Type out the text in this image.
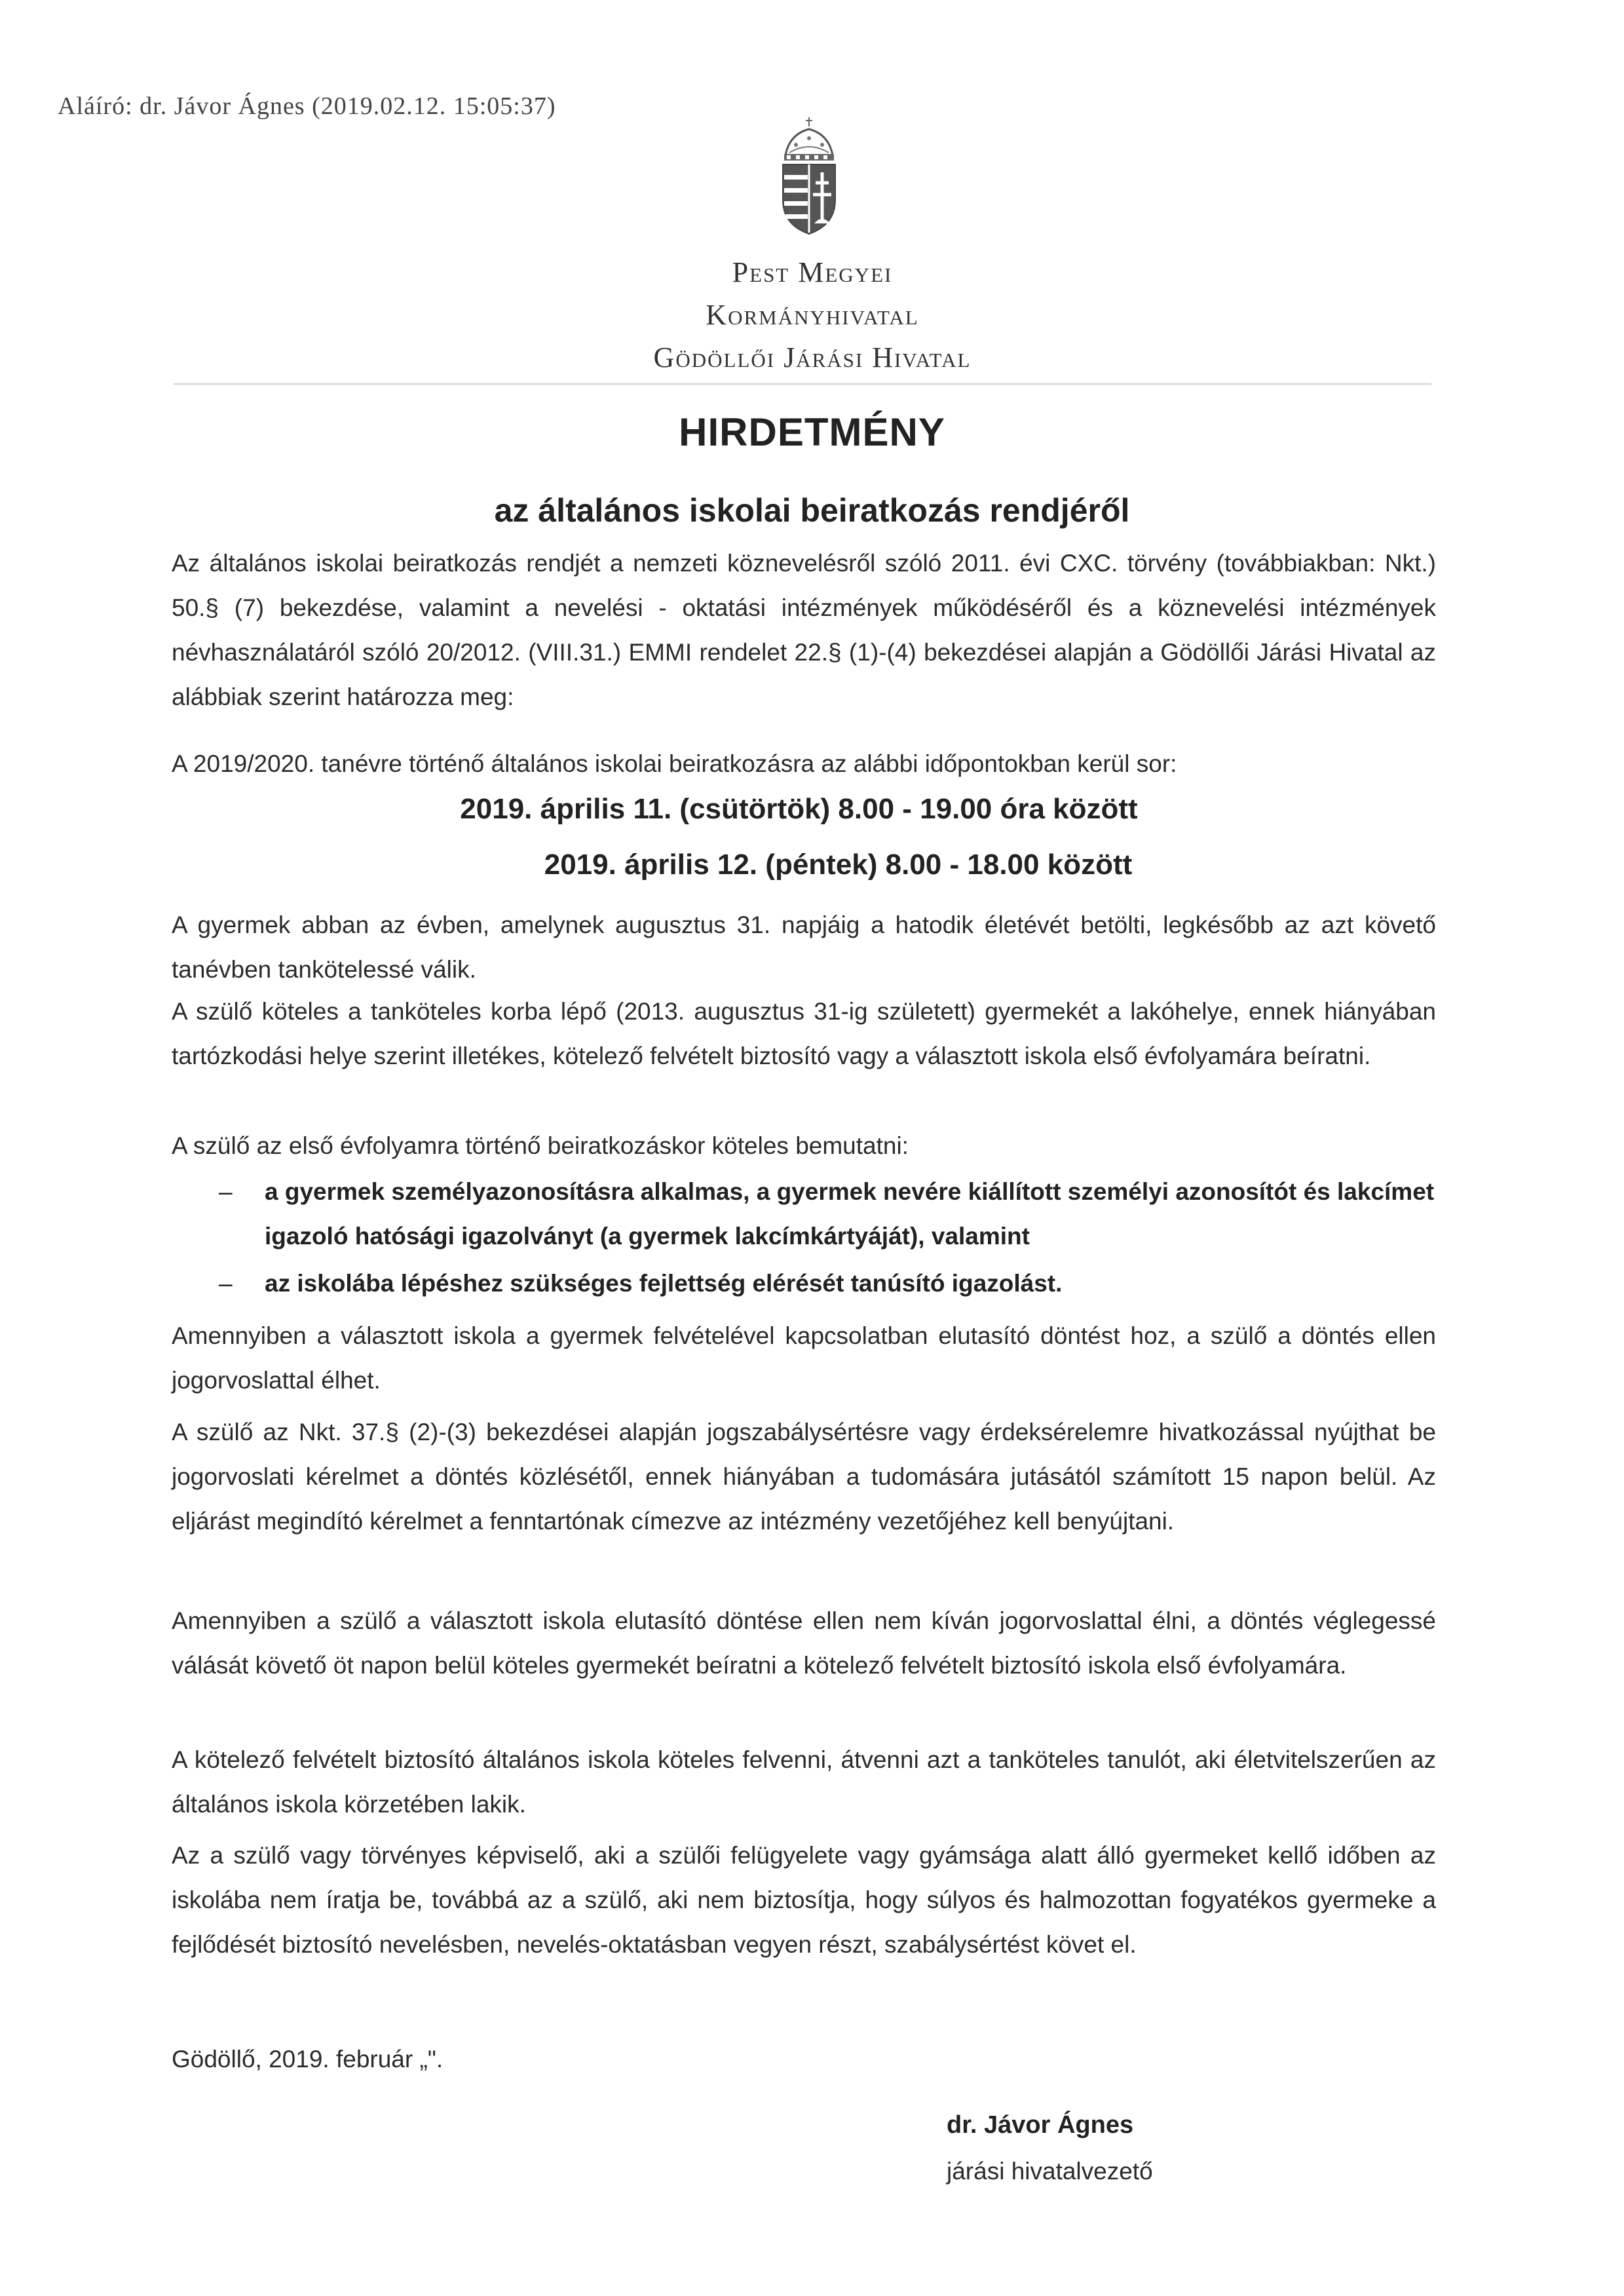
Aláíró: dr. Jávor Ágnes (2019.02.12. 15:05:37)
Pest Megyei
Kormányhivatal
Gödöllői Járási Hivatal
HIRDETMÉNY
az általános iskolai beiratkozás rendjéről
Az általános iskolai beiratkozás rendjét a nemzeti köznevelésről szóló 2011. évi CXC. törvény (továbbiakban: Nkt.) 50.§ (7) bekezdése, valamint a nevelési - oktatási intézmények működéséről és a köznevelési intézmények névhasználatáról szóló 20/2012. (VIII.31.) EMMI rendelet 22.§ (1)-(4) bekezdései alapján a Gödöllői Járási Hivatal az alábbiak szerint határozza meg:
A 2019/2020. tanévre történő általános iskolai beiratkozásra az alábbi időpontokban kerül sor:
2019. április 11. (csütörtök) 8.00 - 19.00 óra között
2019. április 12. (péntek) 8.00 - 18.00 között
A gyermek abban az évben, amelynek augusztus 31. napjáig a hatodik életévét betölti, legkésőbb az azt követő tanévben tankötelessé válik.
A szülő köteles a tanköteles korba lépő (2013. augusztus 31-ig született) gyermekét a lakóhelye, ennek hiányában tartózkodási helye szerint illetékes, kötelező felvételt biztosító vagy a választott iskola első évfolyamára beíratni.
A szülő az első évfolyamra történő beiratkozáskor köteles bemutatni:
– a gyermek személyazonosításra alkalmas, a gyermek nevére kiállított személyi azonosítót és lakcímet igazoló hatósági igazolványt (a gyermek lakcímkártyáját), valamint
– az iskolába lépéshez szükséges fejlettség elérését tanúsító igazolást.
Amennyiben a választott iskola a gyermek felvételével kapcsolatban elutasító döntést hoz, a szülő a döntés ellen jogorvoslattal élhet.
A szülő az Nkt. 37.§ (2)-(3) bekezdései alapján jogszabálysértésre vagy érdeksérelemre hivatkozással nyújthat be jogorvoslati kérelmet a döntés közlésétől, ennek hiányában a tudomására jutásától számított 15 napon belül. Az eljárást megindító kérelmet a fenntartónak címezve az intézmény vezetőjéhez kell benyújtani.
Amennyiben a szülő a választott iskola elutasító döntése ellen nem kíván jogorvoslattal élni, a döntés véglegessé válását követő öt napon belül köteles gyermekét beíratni a kötelező felvételt biztosító iskola első évfolyamára.
A kötelező felvételt biztosító általános iskola köteles felvenni, átvenni azt a tanköteles tanulót, aki életvitelszerűen az általános iskola körzetében lakik.
Az a szülő vagy törvényes képviselő, aki a szülői felügyelete vagy gyámsága alatt álló gyermeket kellő időben az iskolába nem íratja be, továbbá az a szülő, aki nem biztosítja, hogy súlyos és halmozottan fogyatékos gyermeke a fejlődését biztosító nevelésben, nevelés-oktatásban vegyen részt, szabálysértést követ el.
Gödöllő, 2019. február „".
dr. Jávor Ágnes
járási hivatalvezető
